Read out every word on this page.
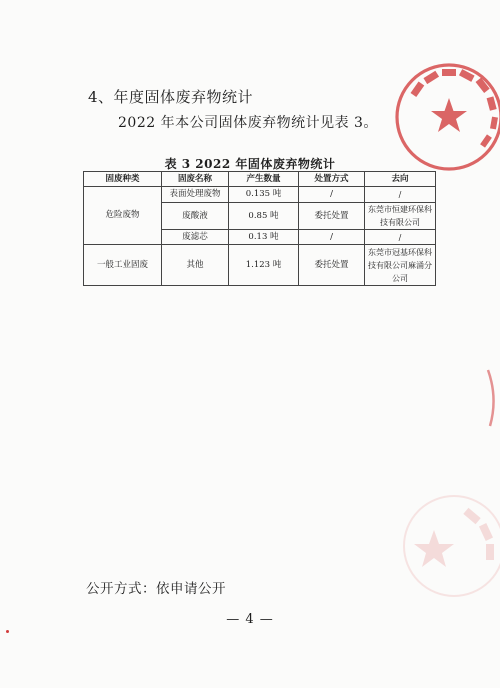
4、年度固体废弃物统计
2022 年本公司固体废弃物统计见表 3。
表 3 2022 年固体废弃物统计
固废种类	固废名称	产生数量	处置方式	去向
危险废物	表面处理废物	0.135 吨	/	/
	废酸液	0.85 吨	委托处置	东莞市恒建环保科技有限公司
	废滤芯	0.13 吨	/	/
一般工业固废	其他	1.123 吨	委托处置	东莞市冠基环保科技有限公司麻涌分公司
公开方式：依申请公开
— 4 —
